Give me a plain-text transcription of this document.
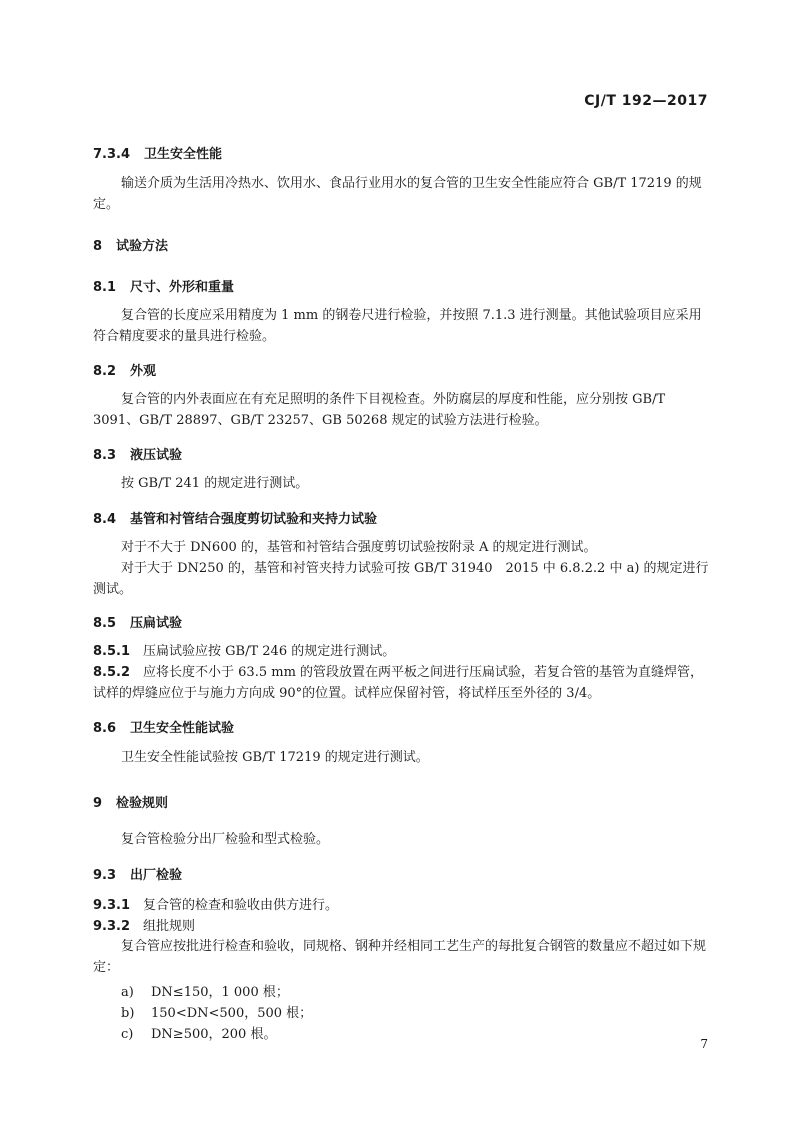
CJ/T 192—2017
7.3.4 卫生安全性能
输送介质为生活用冷热水、饮用水、食品行业用水的复合管的卫生安全性能应符合 GB/T 17219 的规定。
8 试验方法
8.1 尺寸、外形和重量
复合管的长度应采用精度为 1 mm 的钢卷尺进行检验，并按照 7.1.3 进行测量。其他试验项目应采用符合精度要求的量具进行检验。
8.2 外观
复合管的内外表面应在有充足照明的条件下目视检查。外防腐层的厚度和性能，应分别按 GB/T 3091、GB/T 28897、GB/T 23257、GB 50268 规定的试验方法进行检验。
8.3 液压试验
按 GB/T 241 的规定进行测试。
8.4 基管和衬管结合强度剪切试验和夹持力试验
对于不大于 DN600 的，基管和衬管结合强度剪切试验按附录 A 的规定进行测试。
对于大于 DN250 的，基管和衬管夹持力试验可按 GB/T 31940　2015 中 6.8.2.2 中 a) 的规定进行测试。
8.5 压扁试验
8.5.1　 压扁试验应按 GB/T 246 的规定进行测试。
8.5.2　 应将长度不小于 63.5 mm 的管段放置在两平板之间进行压扁试验，若复合管的基管为直缝焊管，试样的焊缝应位于与施力方向成 90°的位置。试样应保留衬管，将试样压至外径的 3/4。
8.6 卫生安全性能试验
卫生安全性能试验按 GB/T 17219 的规定进行测试。
9 检验规则
复合管检验分出厂检验和型式检验。
9.3 出厂检验
9.3.1　 复合管的检查和验收由供方进行。
9.3.2　 组批规则
复合管应按批进行检查和验收，同规格、钢种并经相同工艺生产的每批复合钢管的数量应不超过如下规定：
a) DN≤150，1 000 根；
b) 150<DN<500，500 根；
c) DN≥500，200 根。
7
